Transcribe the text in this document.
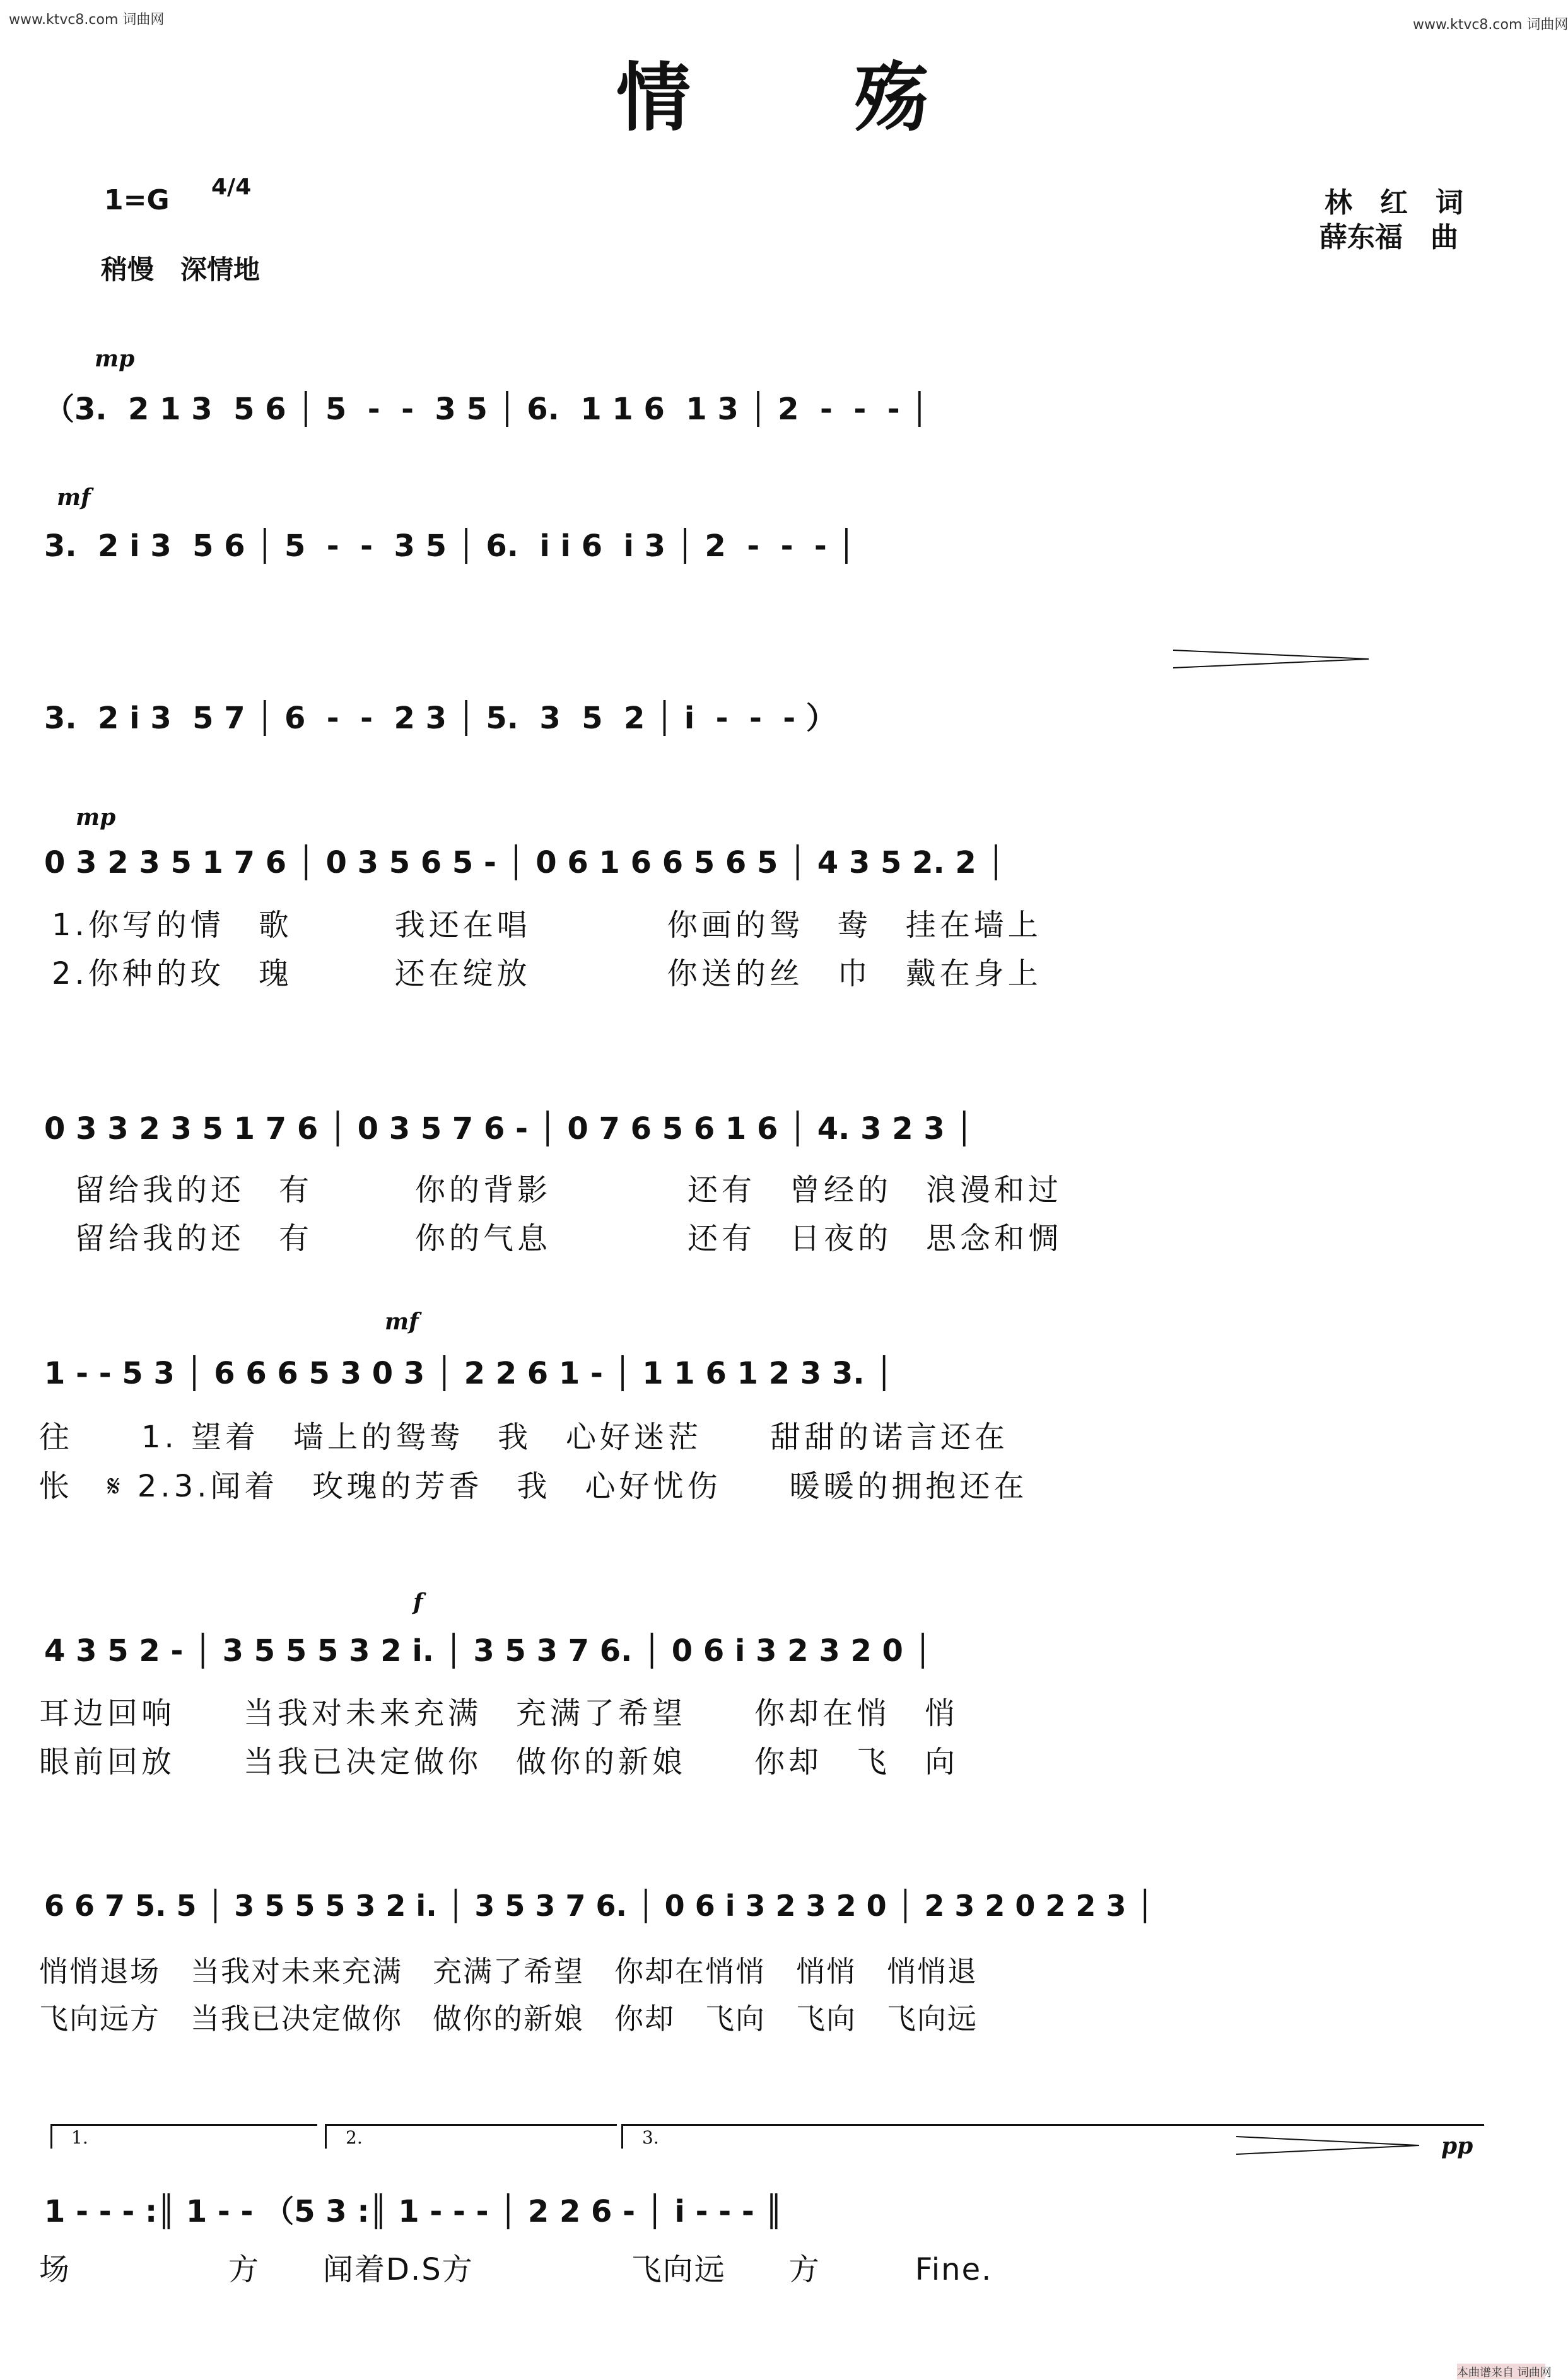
www.ktvc8.com 词曲网	www.ktvc8.com 词曲网
情殇
1=G 4/4
稍慢　深情地
林　红　词
薛东福　曲
mp
（3.  2 1 3  5 6 │ 5  -  -  3 5 │ 6.  1 1 6  1 3 │ 2  -  -  - │
mf
3.  2 i 3  5 6 │ 5  -  -  3 5 │ 6.  i i 6  i 3 │ 2  -  -  - │
3.  2 i 3  5 7 │ 6  -  -  2 3 │ 5.  3  5  2 │ i  -  -  - ）
mp
0 3 2 3 5 1 7 6 │ 0 3 5 6 5 - │ 0 6 1 6 6 5 6 5 │ 4 3 5 2. 2 │
1.你写的情　歌　　　我还在唱　　　　你画的鸳　鸯　挂在墙上
2.你种的玫　瑰　　　还在绽放　　　　你送的丝　巾　戴在身上
0 3 3 2 3 5 1 7 6 │ 0 3 5 7 6 - │ 0 7 6 5 6 1 6 │ 4. 3 2 3 │
留给我的还　有　　　你的背影　　　　还有　曾经的　浪漫和过
留给我的还　有　　　你的气息　　　　还有　日夜的　思念和惆
mf
1 - - 5 3 │ 6 6 6 5 3 0 3 │ 2 2 6 1 - │ 1 1 6 1 2 3 3. │
往　　1. 望着　墙上的鸳鸯　我　心好迷茫　　甜甜的诺言还在
怅　𝄋 2.3.闻着　玫瑰的芳香　我　心好忧伤　　暖暖的拥抱还在
f
4 3 5 2 - │ 3 5 5 5 3 2 i. │ 3 5 3 7 6. │ 0 6 i 3 2 3 2 0 │
耳边回响　　当我对未来充满　充满了希望　　你却在悄　悄
眼前回放　　当我已决定做你　做你的新娘　　你却　飞　向
6 6 7 5. 5 │ 3 5 5 5 3 2 i. │ 3 5 3 7 6. │ 0 6 i 3 2 3 2 0 │ 2 3 2 0 2 2 3 │
悄悄退场　当我对未来充满　充满了希望　你却在悄悄　悄悄　悄悄退
飞向远方　当我已决定做你　做你的新娘　你却　飞向　飞向　飞向远
1.	2.	3.	pp
1 - - - :║ 1 - - （5 3 :║ 1 - - - │ 2 2 6 - │ i - - - ║
场　　　　　方　　闻着D.S方　　　　　飞向远　　方　　　Fine.
本曲谱来自 词曲网
